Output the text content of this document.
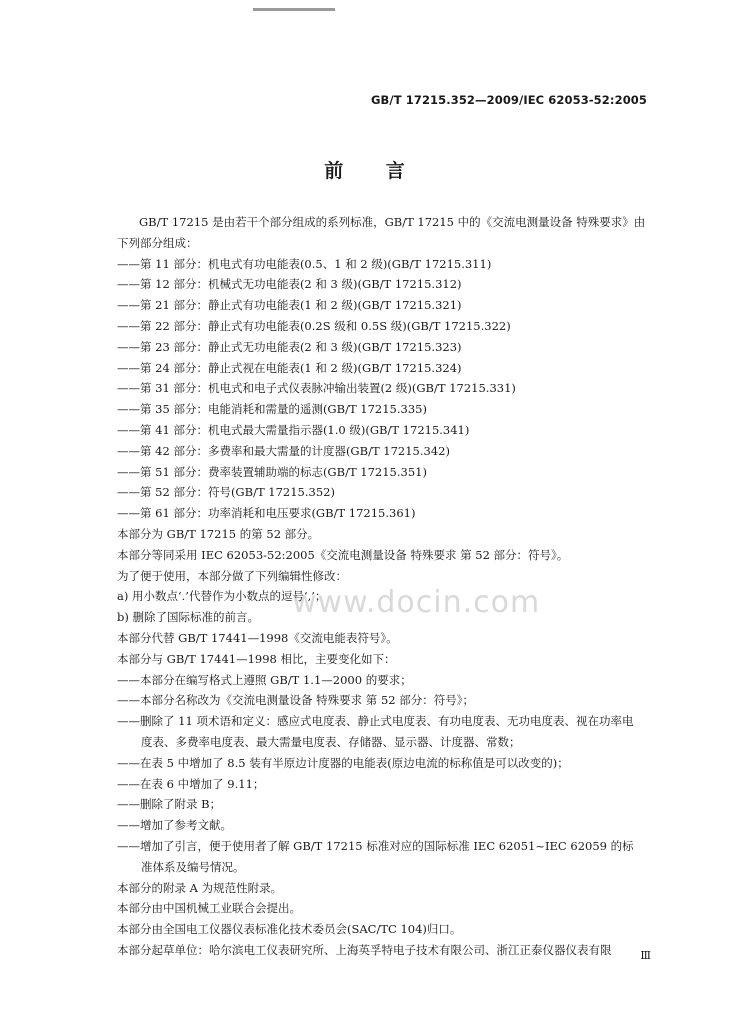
GB/T 17215.352—2009/IEC 62053-52:2005
前 言
GB/T 17215 是由若干个部分组成的系列标准，GB/T 17215 中的《交流电测量设备 特殊要求》由
下列部分组成：
——第 11 部分：机电式有功电能表(0.5、1 和 2 级)(GB/T 17215.311)
——第 12 部分：机械式无功电能表(2 和 3 级)(GB/T 17215.312)
——第 21 部分：静止式有功电能表(1 和 2 级)(GB/T 17215.321)
——第 22 部分：静止式有功电能表(0.2S 级和 0.5S 级)(GB/T 17215.322)
——第 23 部分：静止式无功电能表(2 和 3 级)(GB/T 17215.323)
——第 24 部分：静止式视在电能表(1 和 2 级)(GB/T 17215.324)
——第 31 部分：机电式和电子式仪表脉冲输出装置(2 级)(GB/T 17215.331)
——第 35 部分：电能消耗和需量的遥测(GB/T 17215.335)
——第 41 部分：机电式最大需量指示器(1.0 级)(GB/T 17215.341)
——第 42 部分：多费率和最大需量的计度器(GB/T 17215.342)
——第 51 部分：费率装置辅助端的标志(GB/T 17215.351)
——第 52 部分：符号(GB/T 17215.352)
——第 61 部分：功率消耗和电压要求(GB/T 17215.361)
本部分为 GB/T 17215 的第 52 部分。
本部分等同采用 IEC 62053-52:2005《交流电测量设备 特殊要求 第 52 部分：符号》。
为了便于使用，本部分做了下列编辑性修改：
a) 用小数点‘.’代替作为小数点的逗号‘,’；
b) 删除了国际标准的前言。
本部分代替 GB/T 17441—1998《交流电能表符号》。
本部分与 GB/T 17441—1998 相比，主要变化如下：
——本部分在编写格式上遵照 GB/T 1.1—2000 的要求；
——本部分名称改为《交流电测量设备 特殊要求 第 52 部分：符号》；
——删除了 11 项术语和定义：感应式电度表、静止式电度表、有功电度表、无功电度表、视在功率电
度表、多费率电度表、最大需量电度表、存储器、显示器、计度器、常数；
——在表 5 中增加了 8.5 装有半原边计度器的电能表(原边电流的标称值是可以改变的)；
——在表 6 中增加了 9.11；
——删除了附录 B；
——增加了参考文献。
——增加了引言，便于使用者了解 GB/T 17215 标准对应的国际标准 IEC 62051~IEC 62059 的标
准体系及编号情况。
本部分的附录 A 为规范性附录。
本部分由中国机械工业联合会提出。
本部分由全国电工仪器仪表标准化技术委员会(SAC/TC 104)归口。
本部分起草单位：哈尔滨电工仪表研究所、上海英孚特电子技术有限公司、浙江正泰仪器仪表有限
www.docin.com
Ⅲ
